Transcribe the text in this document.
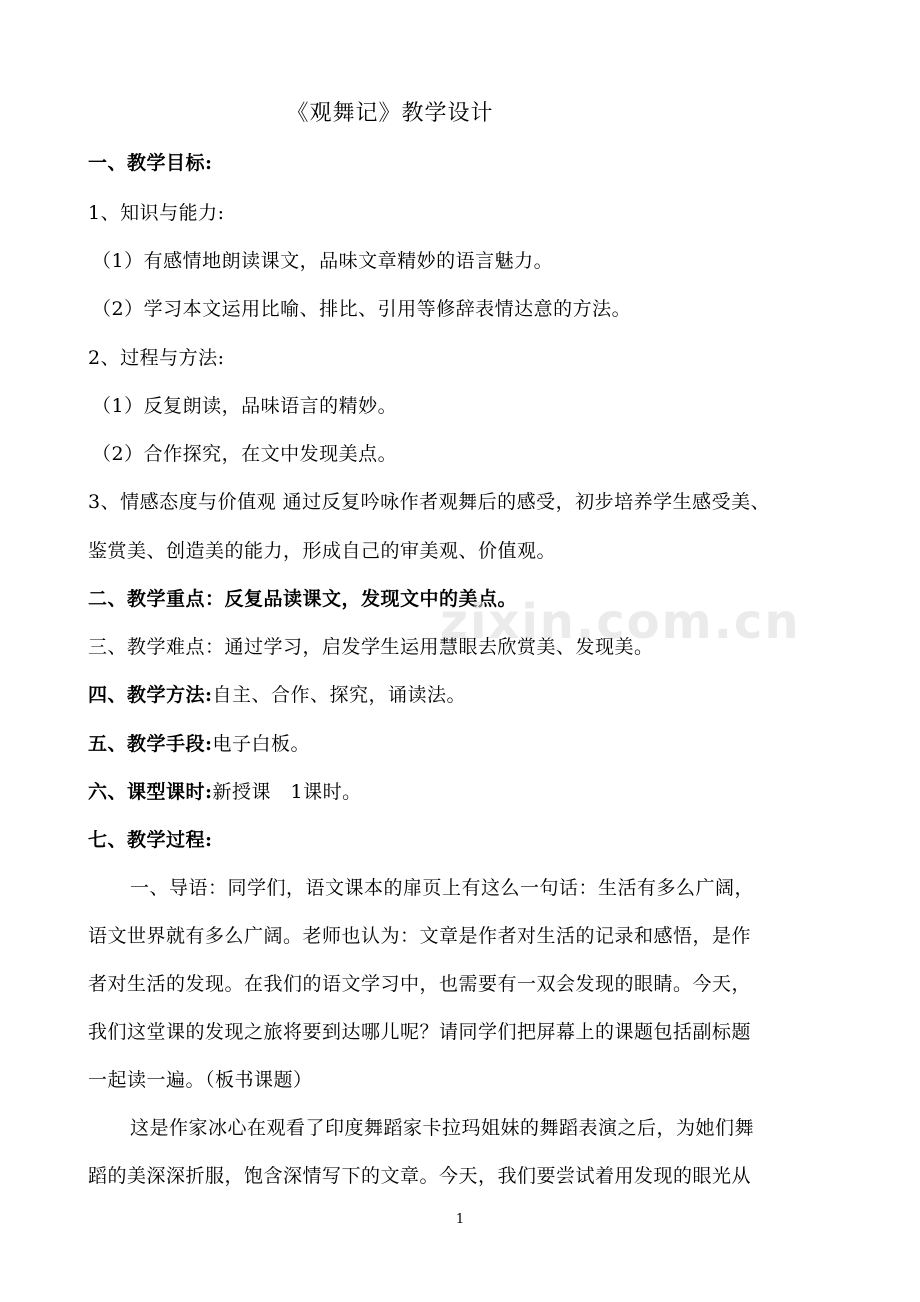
《观舞记》教学设计
一、教学目标:
1、知识与能力:
（1）有感情地朗读课文，品味文章精妙的语言魅力。
（2）学习本文运用比喻、排比、引用等修辞表情达意的方法。
2、过程与方法:
（1）反复朗读，品味语言的精妙。
（2）合作探究，在文中发现美点。
3、情感态度与价值观 通过反复吟咏作者观舞后的感受，初步培养学生感受美、
鉴赏美、创造美的能力，形成自己的审美观、价值观。
二、教学重点：反复品读课文，发现文中的美点。
三、教学难点：通过学习，启发学生运用慧眼去欣赏美、发现美。
四、教学方法:自主、合作、探究，诵读法。
五、教学手段:电子白板。
六、课型课时:新授课　1课时。
七、教学过程:
一、导语：同学们，语文课本的扉页上有这么一句话：生活有多么广阔，
语文世界就有多么广阔。老师也认为：文章是作者对生活的记录和感悟，是作
者对生活的发现。在我们的语文学习中，也需要有一双会发现的眼睛。今天，
我们这堂课的发现之旅将要到达哪儿呢？请同学们把屏幕上的课题包括副标题
一起读一遍。（板书课题）
这是作家冰心在观看了印度舞蹈家卡拉玛姐妹的舞蹈表演之后，为她们舞
蹈的美深深折服，饱含深情写下的文章。今天，我们要尝试着用发现的眼光从
zixin.com.cn
1
